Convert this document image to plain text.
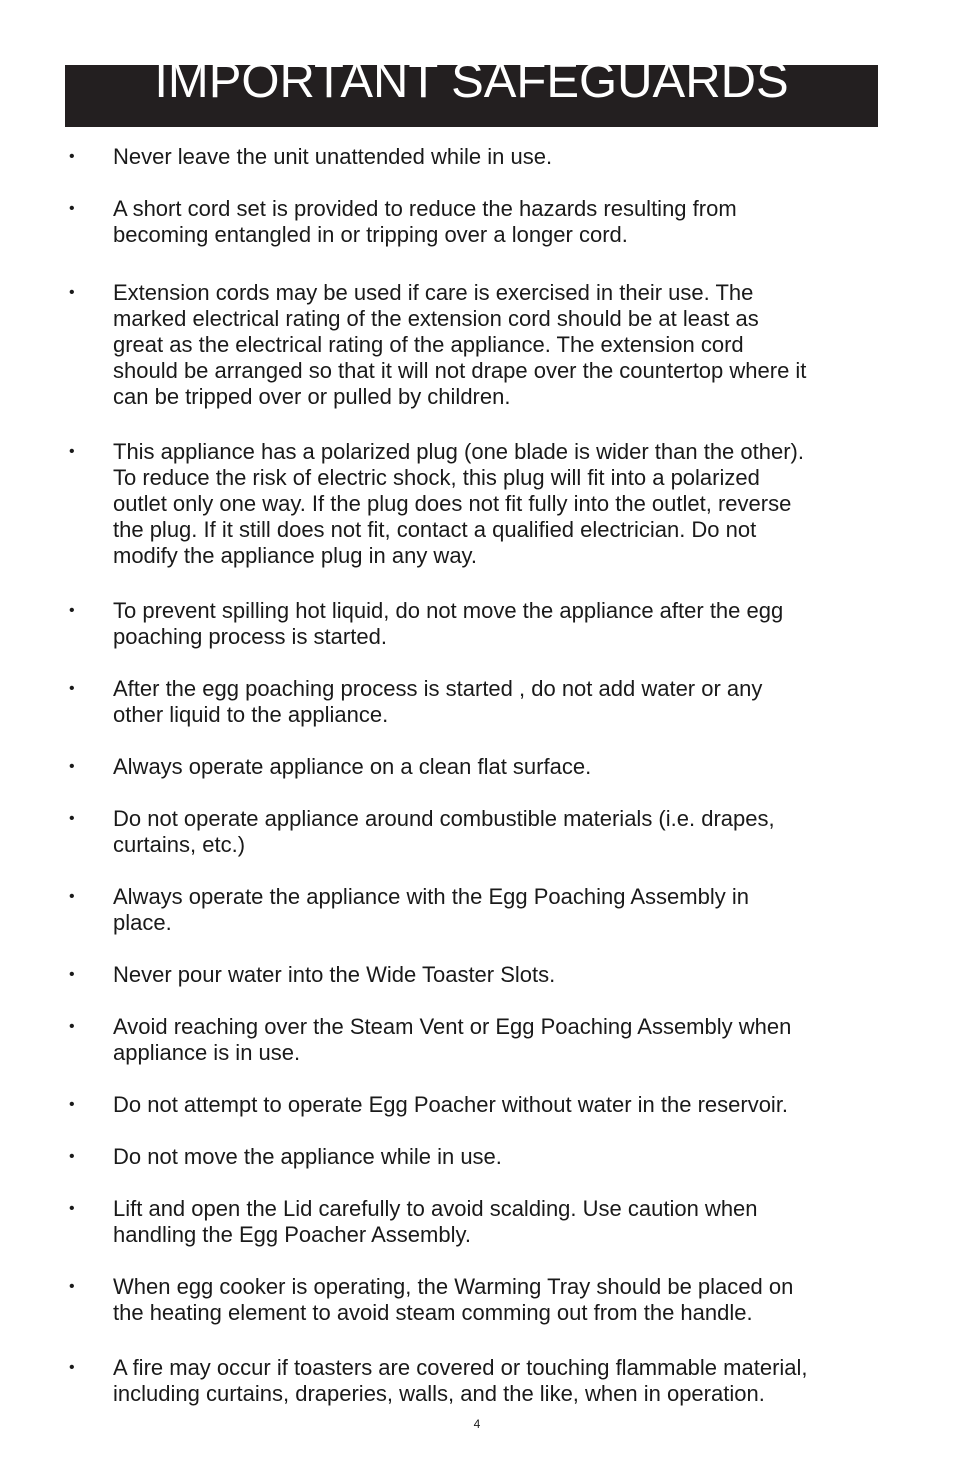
IMPORTANT SAFEGUARDS
• Never leave the unit unattended while in use.
• A short cord set is provided to reduce the hazards resulting from
becoming entangled in or tripping over a longer cord.
• Extension cords may be used if care is exercised in their use. The
marked electrical rating of the extension cord should be at least as
great as the electrical rating of the appliance. The extension cord
should be arranged so that it will not drape over the countertop where it
can be tripped over or pulled by children.
• This appliance has a polarized plug (one blade is wider than the other).
To reduce the risk of electric shock, this plug will fit into a polarized
outlet only one way. If the plug does not fit fully into the outlet, reverse
the plug. If it still does not fit, contact a qualified electrician. Do not
modify the appliance plug in any way.
• To prevent spilling hot liquid, do not move the appliance after the egg
poaching process is started.
• After the egg poaching process is started , do not add water or any
other liquid to the appliance.
• Always operate appliance on a clean flat surface.
• Do not operate appliance around combustible materials (i.e. drapes,
curtains, etc.)
• Always operate the appliance with the Egg Poaching Assembly in
place.
• Never pour water into the Wide Toaster Slots.
• Avoid reaching over the Steam Vent or Egg Poaching Assembly when
appliance is in use.
• Do not attempt to operate Egg Poacher without water in the reservoir.
• Do not move the appliance while in use.
• Lift and open the Lid carefully to avoid scalding. Use caution when
handling the Egg Poacher Assembly.
• When egg cooker is operating, the Warming Tray should be placed on
the heating element to avoid steam comming out from the handle.
• A fire may occur if toasters are covered or touching flammable material,
including curtains, draperies, walls, and the like, when in operation.
4
